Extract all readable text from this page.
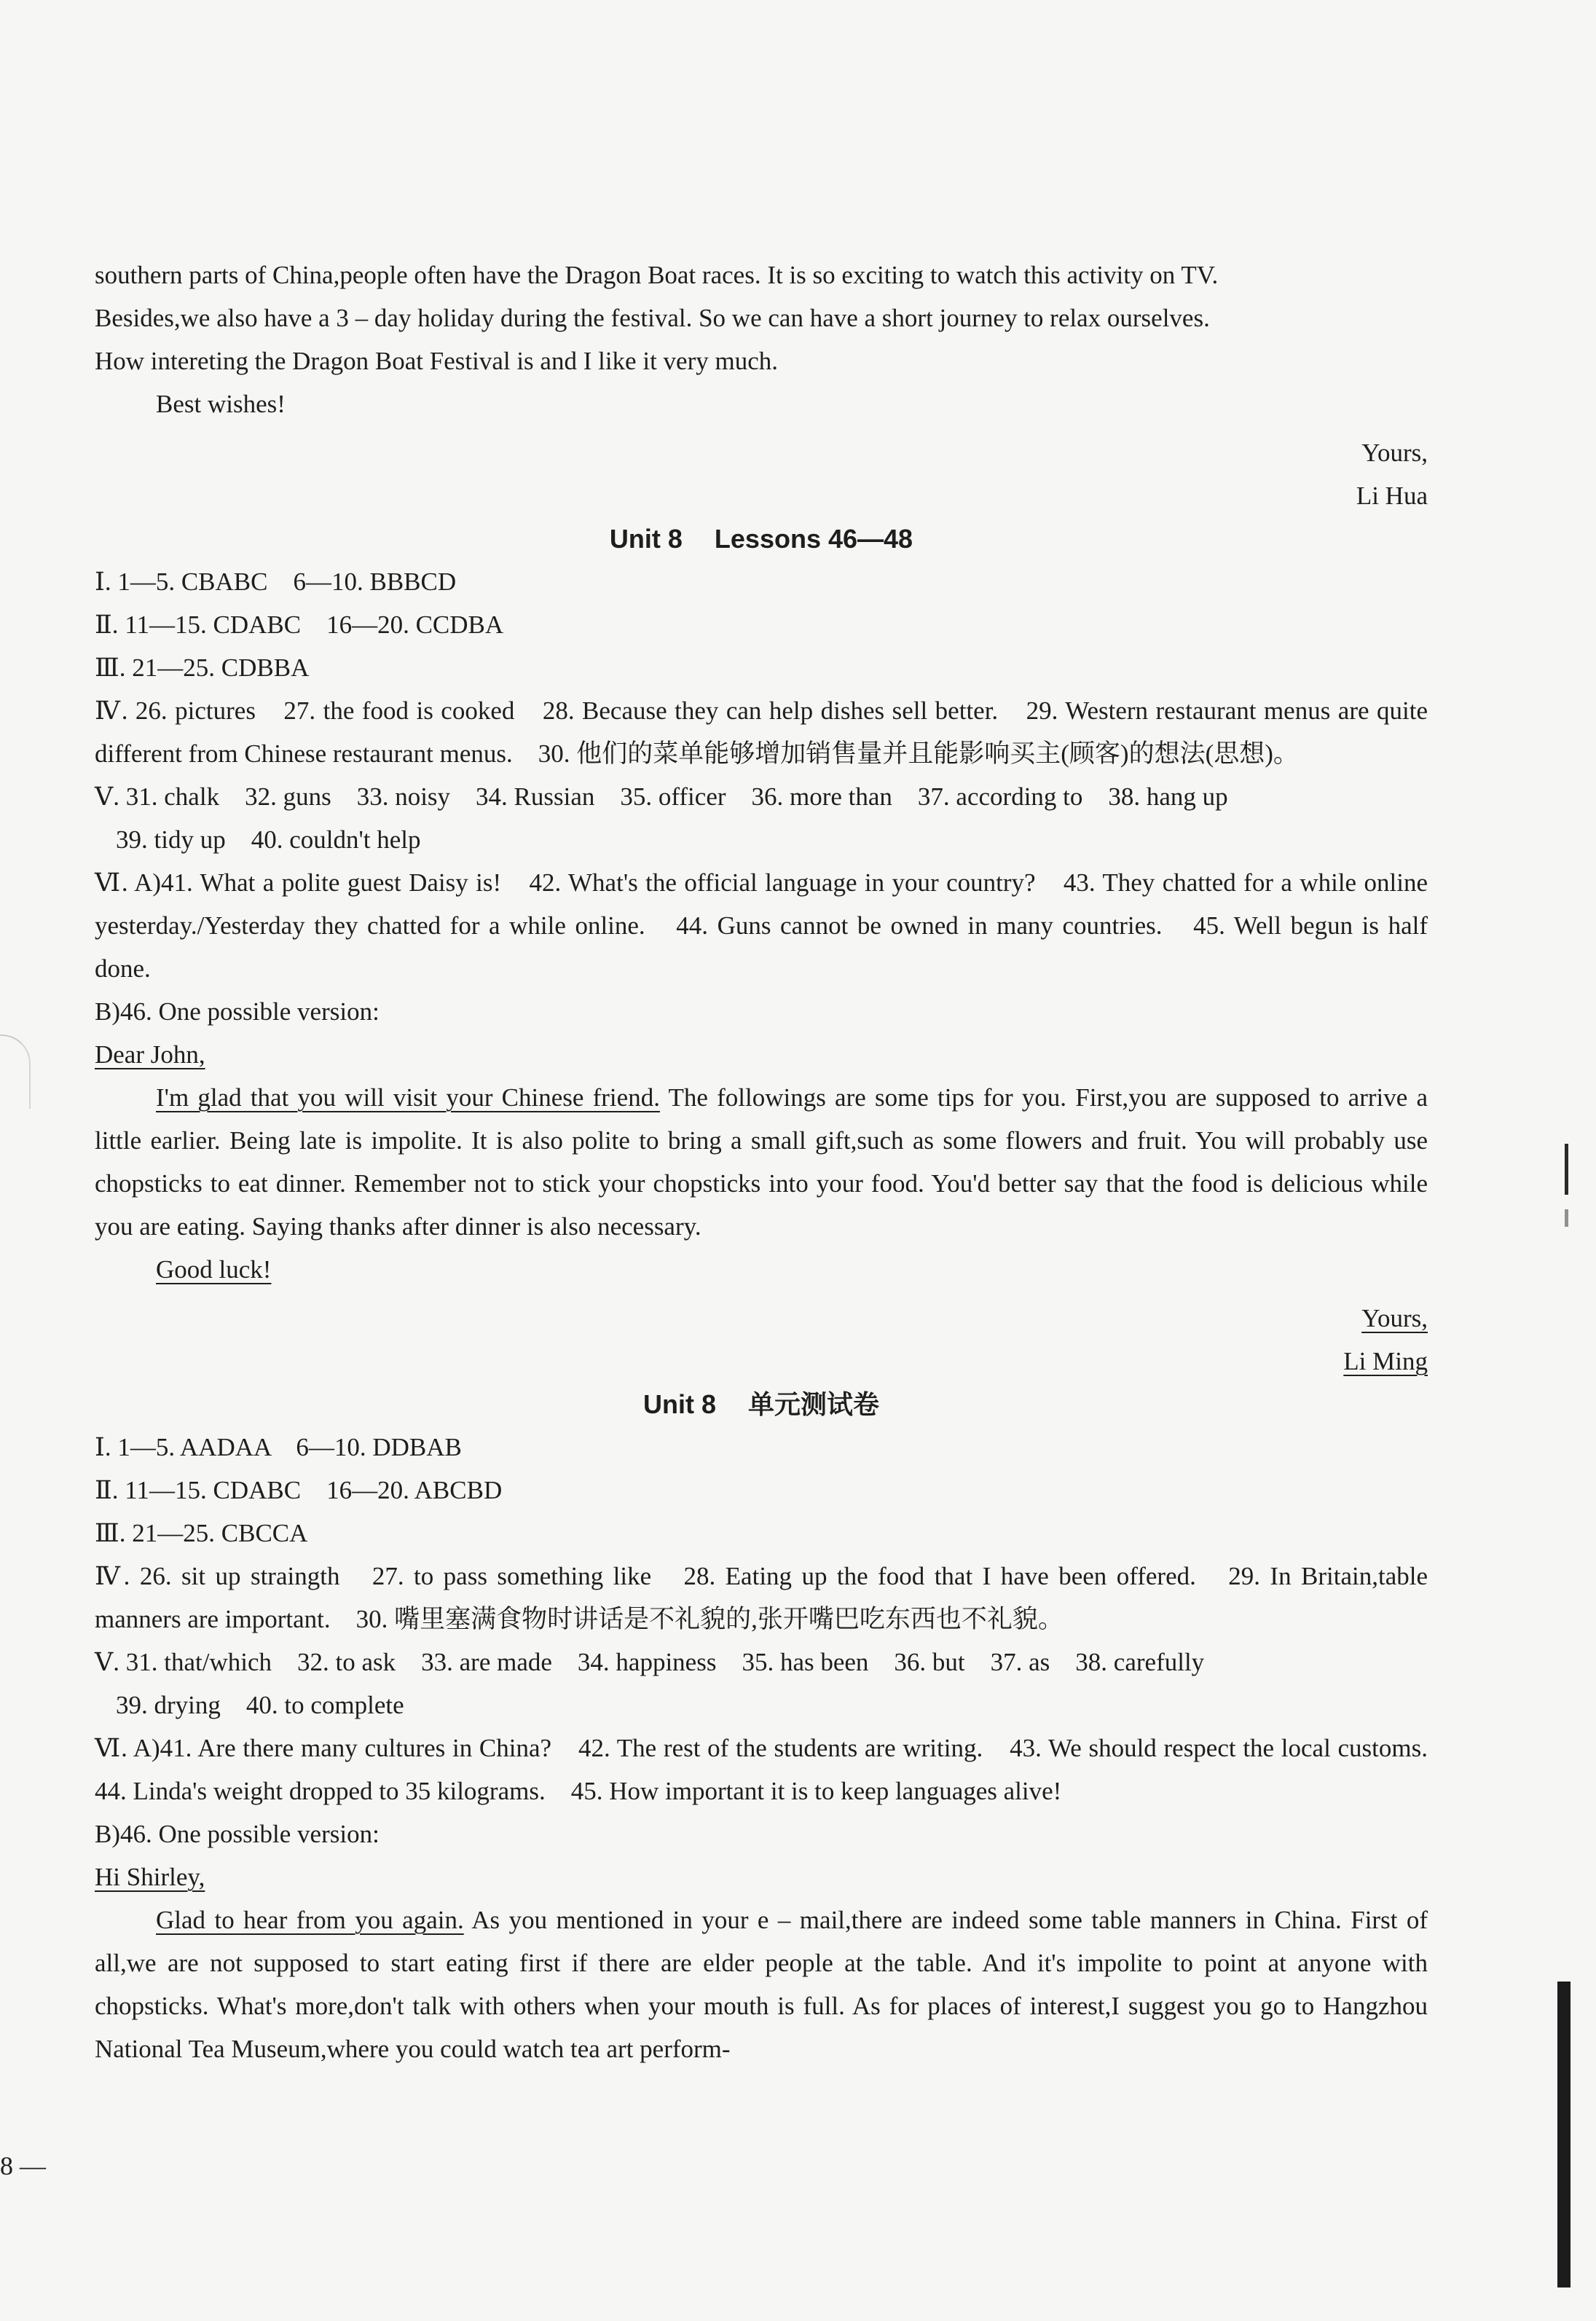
southern parts of China,people often have the Dragon Boat races. It is so exciting to watch this activity on TV.

Besides,we also have a 3 – day holiday during the festival. So we can have a short journey to relax ourselves.

How intereting the Dragon Boat Festival is and I like it very much.

Best wishes!

Yours,

Li Hua

Unit 8 Lessons 46—48

Ⅰ. 1—5. CBABC　6—10. BBBCD

Ⅱ. 11—15. CDABC　16—20. CCDBA

Ⅲ. 21—25. CDBBA

Ⅳ. 26. pictures　27. the food is cooked　28. Because they can help dishes sell better.　29. Western restaurant menus are quite different from Chinese restaurant menus.　30. 他们的菜单能够增加销售量并且能影响买主(顾客)的想法(思想)。

Ⅴ. 31. chalk　32. guns　33. noisy　34. Russian　35. officer　36. more than　37. according to　38. hang up

39. tidy up　40. couldn't help

Ⅵ. A)41. What a polite guest Daisy is!　42. What's the official language in your country?　43. They chatted for a while online yesterday./Yesterday they chatted for a while online.　44. Guns cannot be owned in many countries.　45. Well begun is half done.

B)46. One possible version:

Dear John,

I'm glad that you will visit your Chinese friend. The followings are some tips for you. First,you are supposed to arrive a little earlier. Being late is impolite. It is also polite to bring a small gift,such as some flowers and fruit. You will probably use chopsticks to eat dinner. Remember not to stick your chopsticks into your food. You'd better say that the food is delicious while you are eating. Saying thanks after dinner is also necessary.

Good luck!

Yours,

Li Ming

Unit 8 单元测试卷

Ⅰ. 1—5. AADAA　6—10. DDBAB

Ⅱ. 11—15. CDABC　16—20. ABCBD

Ⅲ. 21—25. CBCCA

Ⅳ. 26. sit up straingth　27. to pass something like　28. Eating up the food that I have been offered.　29. In Britain,table manners are important.　30. 嘴里塞满食物时讲话是不礼貌的,张开嘴巴吃东西也不礼貌。

Ⅴ. 31. that/which　32. to ask　33. are made　34. happiness　35. has been　36. but　37. as　38. carefully

39. drying　40. to complete

Ⅵ. A)41. Are there many cultures in China?　42. The rest of the students are writing.　43. We should respect the local customs.　44. Linda's weight dropped to 35 kilograms.　45. How important it is to keep languages alive!

B)46. One possible version:

Hi Shirley,

Glad to hear from you again. As you mentioned in your e – mail,there are indeed some table manners in China. First of all,we are not supposed to start eating first if there are elder people at the table. And it's impolite to point at anyone with chopsticks. What's more,don't talk with others when your mouth is full. As for places of interest,I suggest you go to Hangzhou National Tea Museum,where you could watch tea art perform-

8 —
